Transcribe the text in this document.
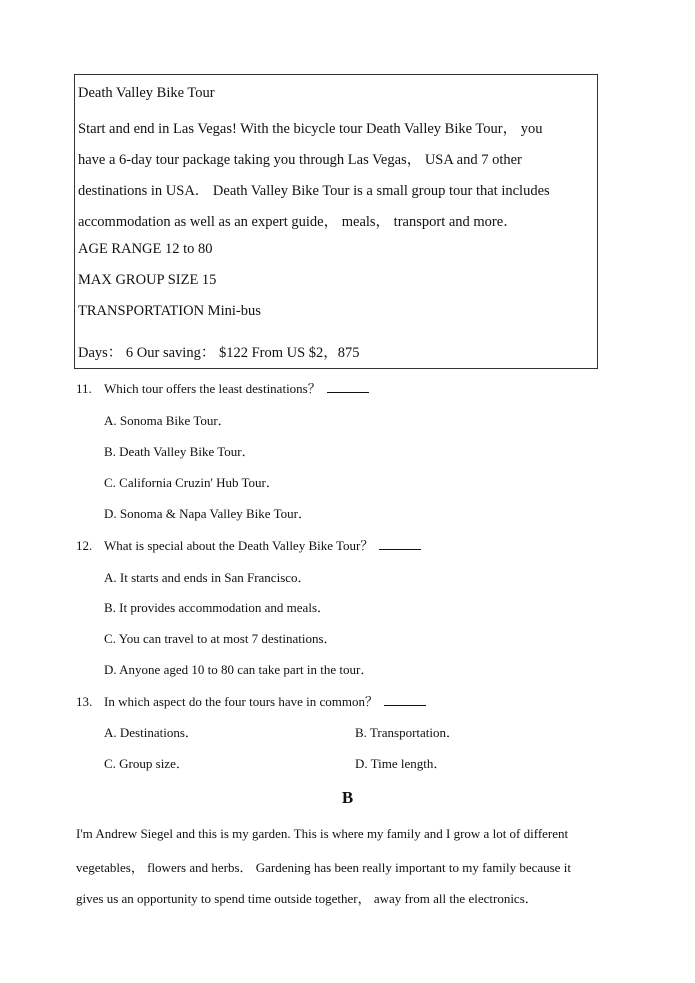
Death Valley Bike Tour
Start and end in Las Vegas! With the bicycle tour Death Valley Bike Tour， you
have a 6-day tour package taking you through Las Vegas， USA and 7 other
destinations in USA． Death Valley Bike Tour is a small group tour that includes
accommodation as well as an expert guide， meals， transport and more．
AGE RANGE 12 to 80
MAX GROUP SIZE 15
TRANSPORTATION Mini-bus
Days： 6 Our saving： $122 From US $2，875
11. Which tour offers the least destinations？
A. Sonoma Bike Tour．
B. Death Valley Bike Tour．
C. California Cruzin' Hub Tour．
D. Sonoma & Napa Valley Bike Tour．
12. What is special about the Death Valley Bike Tour？
A. It starts and ends in San Francisco．
B. It provides accommodation and meals．
C. You can travel to at most 7 destinations．
D. Anyone aged 10 to 80 can take part in the tour．
13. In which aspect do the four tours have in common？
A. Destinations．	B. Transportation．
C. Group size．	D. Time length．
B
I'm Andrew Siegel and this is my garden. This is where my family and I grow a lot of different
vegetables， flowers and herbs． Gardening has been really important to my family because it
gives us an opportunity to spend time outside together， away from all the electronics．
